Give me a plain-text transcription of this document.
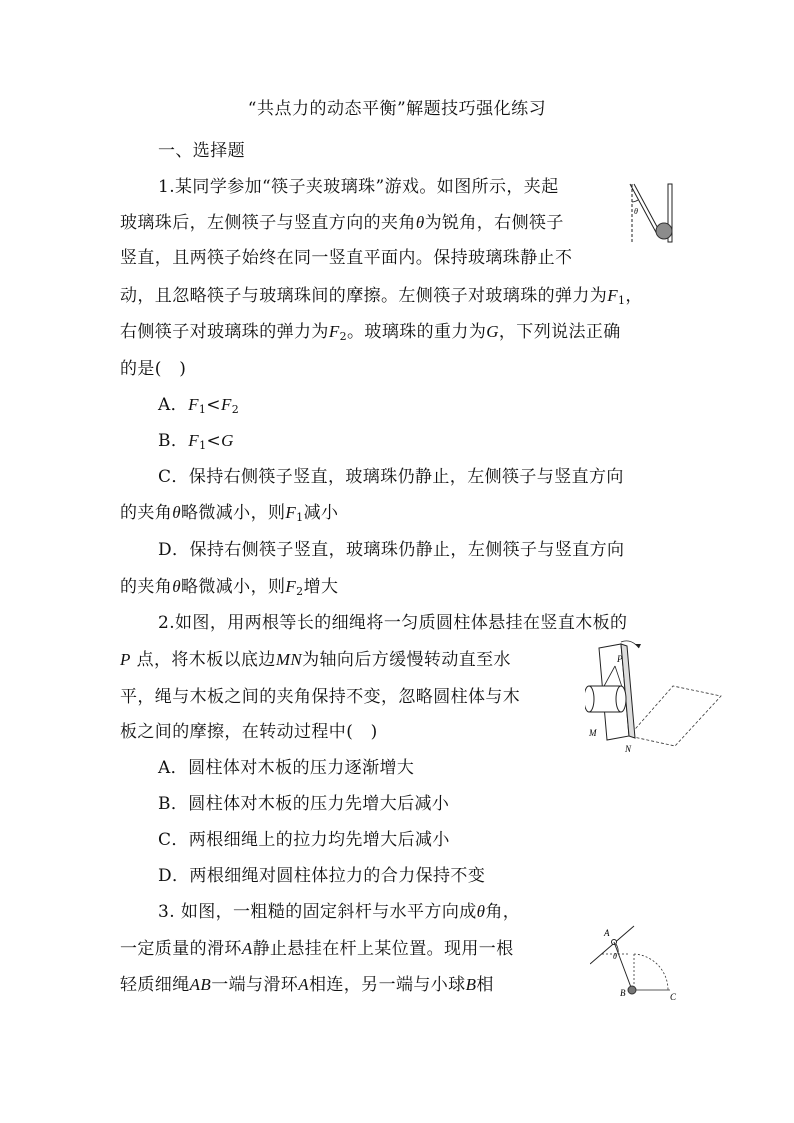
“共点力的动态平衡”解题技巧强化练习
一、选择题
1.某同学参加“筷子夹玻璃珠”游戏。如图所示，夹起
玻璃珠后，左侧筷子与竖直方向的夹角θ为锐角，右侧筷子
竖直，且两筷子始终在同一竖直平面内。保持玻璃珠静止不
动，且忽略筷子与玻璃珠间的摩擦。左侧筷子对玻璃珠的弹力为$F_1$，
右侧筷子对玻璃珠的弹力为$F_2$。玻璃珠的重力为G，下列说法正确
的是(　)
A．$F_1<F_2$
B．$F_1<G$
C．保持右侧筷子竖直，玻璃珠仍静止，左侧筷子与竖直方向
的夹角θ略微减小，则$F_1$减小
D．保持右侧筷子竖直，玻璃珠仍静止，左侧筷子与竖直方向
的夹角θ略微减小，则$F_2$增大
θ
2.如图，用两根等长的细绳将一匀质圆柱体悬挂在竖直木板的
P 点，将木板以底边MN为轴向后方缓慢转动直至水
平，绳与木板之间的夹角保持不变，忽略圆柱体与木
板之间的摩擦，在转动过程中(　)
A．圆柱体对木板的压力逐渐增大
B．圆柱体对木板的压力先增大后减小
C．两根细绳上的拉力均先增大后减小
D．两根细绳对圆柱体拉力的合力保持不变
P
M
N
3. 如图，一粗糙的固定斜杆与水平方向成θ角，
一定质量的滑环A静止悬挂在杆上某位置。现用一根
轻质细绳AB一端与滑环A相连，另一端与小球B相
θ
A
B	C
